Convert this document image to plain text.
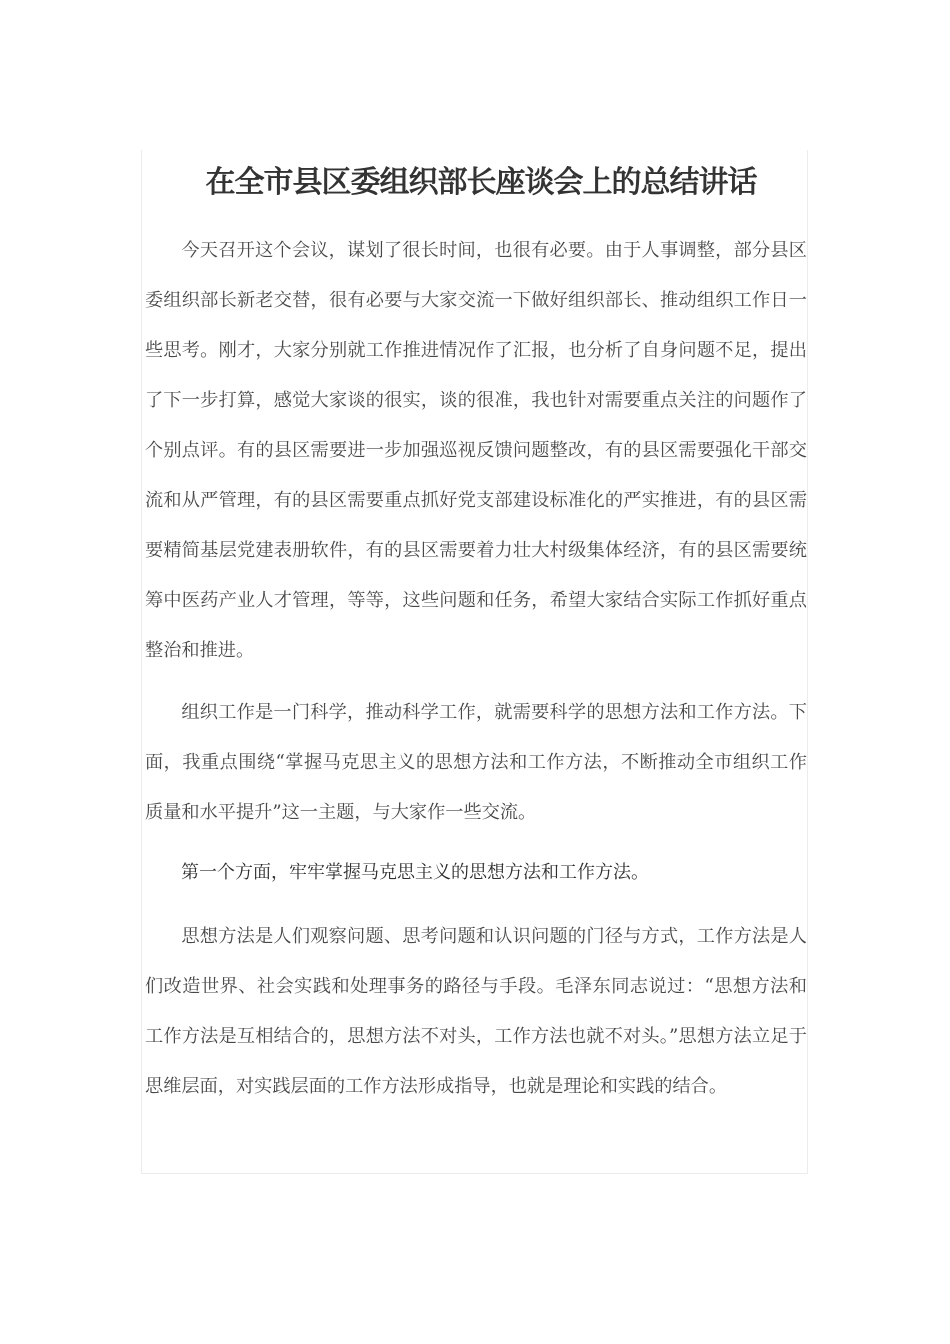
在全市县区委组织部长座谈会上的总结讲话

今天召开这个会议，谋划了很长时间，也很有必要。由于人事调整，部分县区委组织部长新老交替，很有必要与大家交流一下做好组织部长、推动组织工作日一些思考。刚才，大家分别就工作推进情况作了汇报，也分析了自身问题不足，提出了下一步打算，感觉大家谈的很实，谈的很准，我也针对需要重点关注的问题作了个别点评。有的县区需要进一步加强巡视反馈问题整改，有的县区需要强化干部交流和从严管理，有的县区需要重点抓好党支部建设标准化的严实推进，有的县区需要精简基层党建表册软件，有的县区需要着力壮大村级集体经济，有的县区需要统筹中医药产业人才管理，等等，这些问题和任务，希望大家结合实际工作抓好重点整治和推进。

组织工作是一门科学，推动科学工作，就需要科学的思想方法和工作方法。下面，我重点围绕“掌握马克思主义的思想方法和工作方法，不断推动全市组织工作质量和水平提升”这一主题，与大家作一些交流。

第一个方面，牢牢掌握马克思主义的思想方法和工作方法。

思想方法是人们观察问题、思考问题和认识问题的门径与方式，工作方法是人们改造世界、社会实践和处理事务的路径与手段。毛泽东同志说过：“思想方法和工作方法是互相结合的，思想方法不对头，工作方法也就不对头。”思想方法立足于思维层面，对实践层面的工作方法形成指导，也就是理论和实践的结合。
